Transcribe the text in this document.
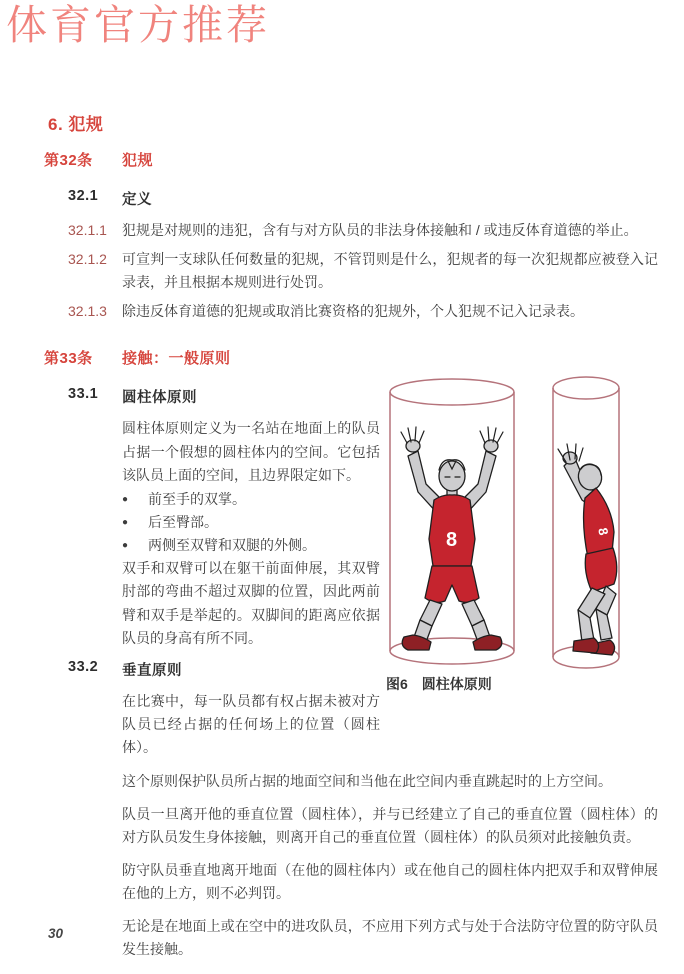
体育官方推荐
6. 犯规
第32条	犯规
32.1	定义
32.1.1	犯规是对规则的违犯，含有与对方队员的非法身体接触和 / 或违反体育道德的举止。
32.1.2	可宣判一支球队任何数量的犯规，不管罚则是什么，犯规者的每一次犯规都应被登入记录表，并且根据本规则进行处罚。
32.1.3	除违反体育道德的犯规或取消比赛资格的犯规外，个人犯规不记入记录表。
第33条	接触：一般原则
33.1	圆柱体原则

圆柱体原则定义为一名站在地面上的队员占据一个假想的圆柱体内的空间。它包括该队员上面的空间，且边界限定如下。

●	前至手的双掌。
●	后至臀部。
●	两侧至双臂和双腿的外侧。

双手和双臂可以在躯干前面伸展，其双臂肘部的弯曲不超过双脚的位置，因此两前臂和双手是举起的。双脚间的距离应依据队员的身高有所不同。

33.2	垂直原则

在比赛中，每一队员都有权占据未被对方队员已经占据的任何场上的位置（圆柱体）。

这个原则保护队员所占据的地面空间和当他在此空间内垂直跳起时的上方空间。

队员一旦离开他的垂直位置（圆柱体），并与已经建立了自己的垂直位置（圆柱体）的对方队员发生身体接触，则离开自己的垂直位置（圆柱体）的队员须对此接触负责。

防守队员垂直地离开地面（在他的圆柱体内）或在他自己的圆柱体内把双手和双臂伸展在他的上方，则不必判罚。

无论是在地面上或在空中的进攻队员，不应用下列方式与处于合法防守位置的防守队员发生接触。

8	8
图6 圆柱体原则
30
